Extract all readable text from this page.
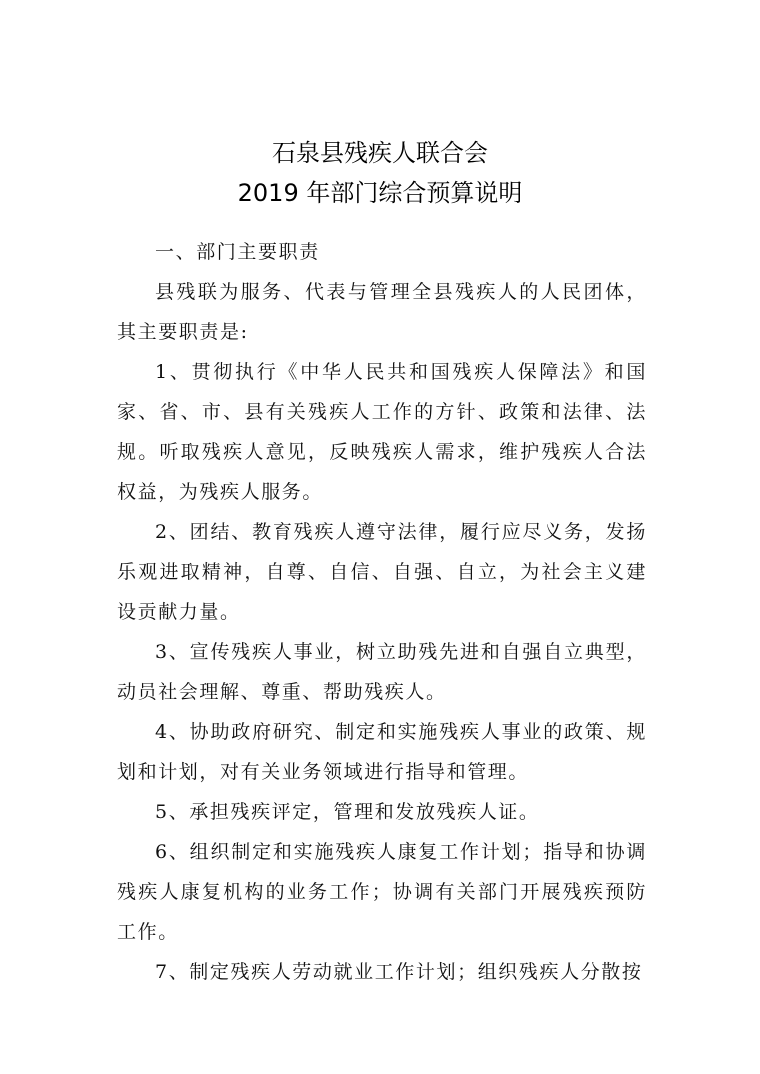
石泉县残疾人联合会
2019 年部门综合预算说明

一、部门主要职责

县残联为服务、代表与管理全县残疾人的人民团体，其主要职责是:

1、贯彻执行《中华人民共和国残疾人保障法》和国家、省、市、县有关残疾人工作的方针、政策和法律、法规。听取残疾人意见，反映残疾人需求，维护残疾人合法权益，为残疾人服务。

2、团结、教育残疾人遵守法律，履行应尽义务，发扬乐观进取精神，自尊、自信、自强、自立，为社会主义建设贡献力量。

3、宣传残疾人事业，树立助残先进和自强自立典型，动员社会理解、尊重、帮助残疾人。

4、协助政府研究、制定和实施残疾人事业的政策、规划和计划，对有关业务领域进行指导和管理。

5、承担残疾评定，管理和发放残疾人证。

6、组织制定和实施残疾人康复工作计划；指导和协调残疾人康复机构的业务工作；协调有关部门开展残疾预防工作。

7、制定残疾人劳动就业工作计划；组织残疾人分散按
